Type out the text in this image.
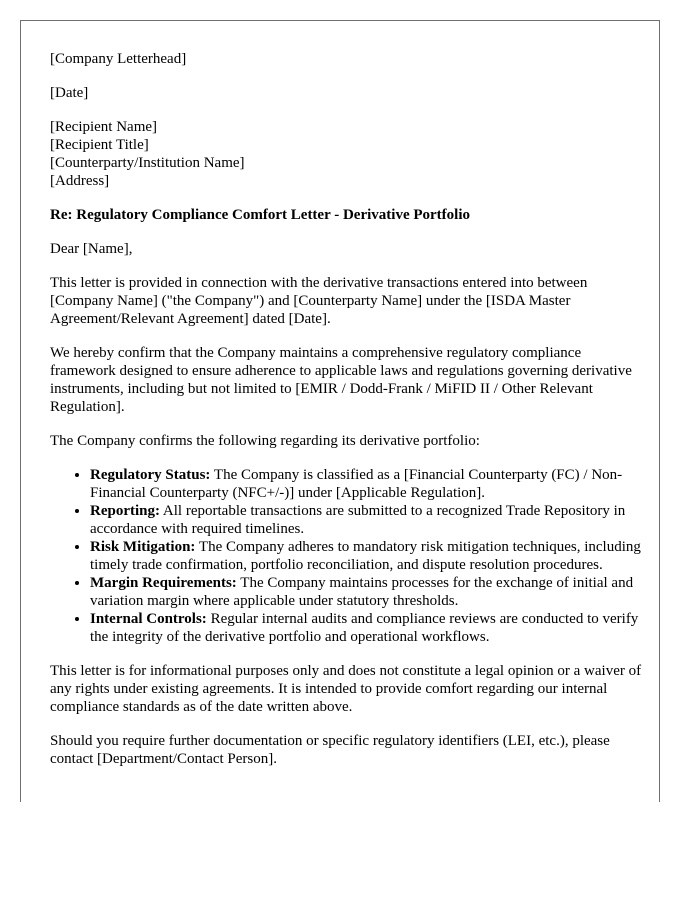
[Company Letterhead]

[Date]

[Recipient Name]
[Recipient Title]
[Counterparty/Institution Name]
[Address]

Re: Regulatory Compliance Comfort Letter - Derivative Portfolio

Dear [Name],

This letter is provided in connection with the derivative transactions entered into between [Company Name] ("the Company") and [Counterparty Name] under the [ISDA Master Agreement/Relevant Agreement] dated [Date].

We hereby confirm that the Company maintains a comprehensive regulatory compliance framework designed to ensure adherence to applicable laws and regulations governing derivative instruments, including but not limited to [EMIR / Dodd-Frank / MiFID II / Other Relevant Regulation].

The Company confirms the following regarding its derivative portfolio:

• Regulatory Status: The Company is classified as a [Financial Counterparty (FC) / Non-Financial Counterparty (NFC+/-)] under [Applicable Regulation].
• Reporting: All reportable transactions are submitted to a recognized Trade Repository in accordance with required timelines.
• Risk Mitigation: The Company adheres to mandatory risk mitigation techniques, including timely trade confirmation, portfolio reconciliation, and dispute resolution procedures.
• Margin Requirements: The Company maintains processes for the exchange of initial and variation margin where applicable under statutory thresholds.
• Internal Controls: Regular internal audits and compliance reviews are conducted to verify the integrity of the derivative portfolio and operational workflows.

This letter is for informational purposes only and does not constitute a legal opinion or a waiver of any rights under existing agreements. It is intended to provide comfort regarding our internal compliance standards as of the date written above.

Should you require further documentation or specific regulatory identifiers (LEI, etc.), please contact [Department/Contact Person].
